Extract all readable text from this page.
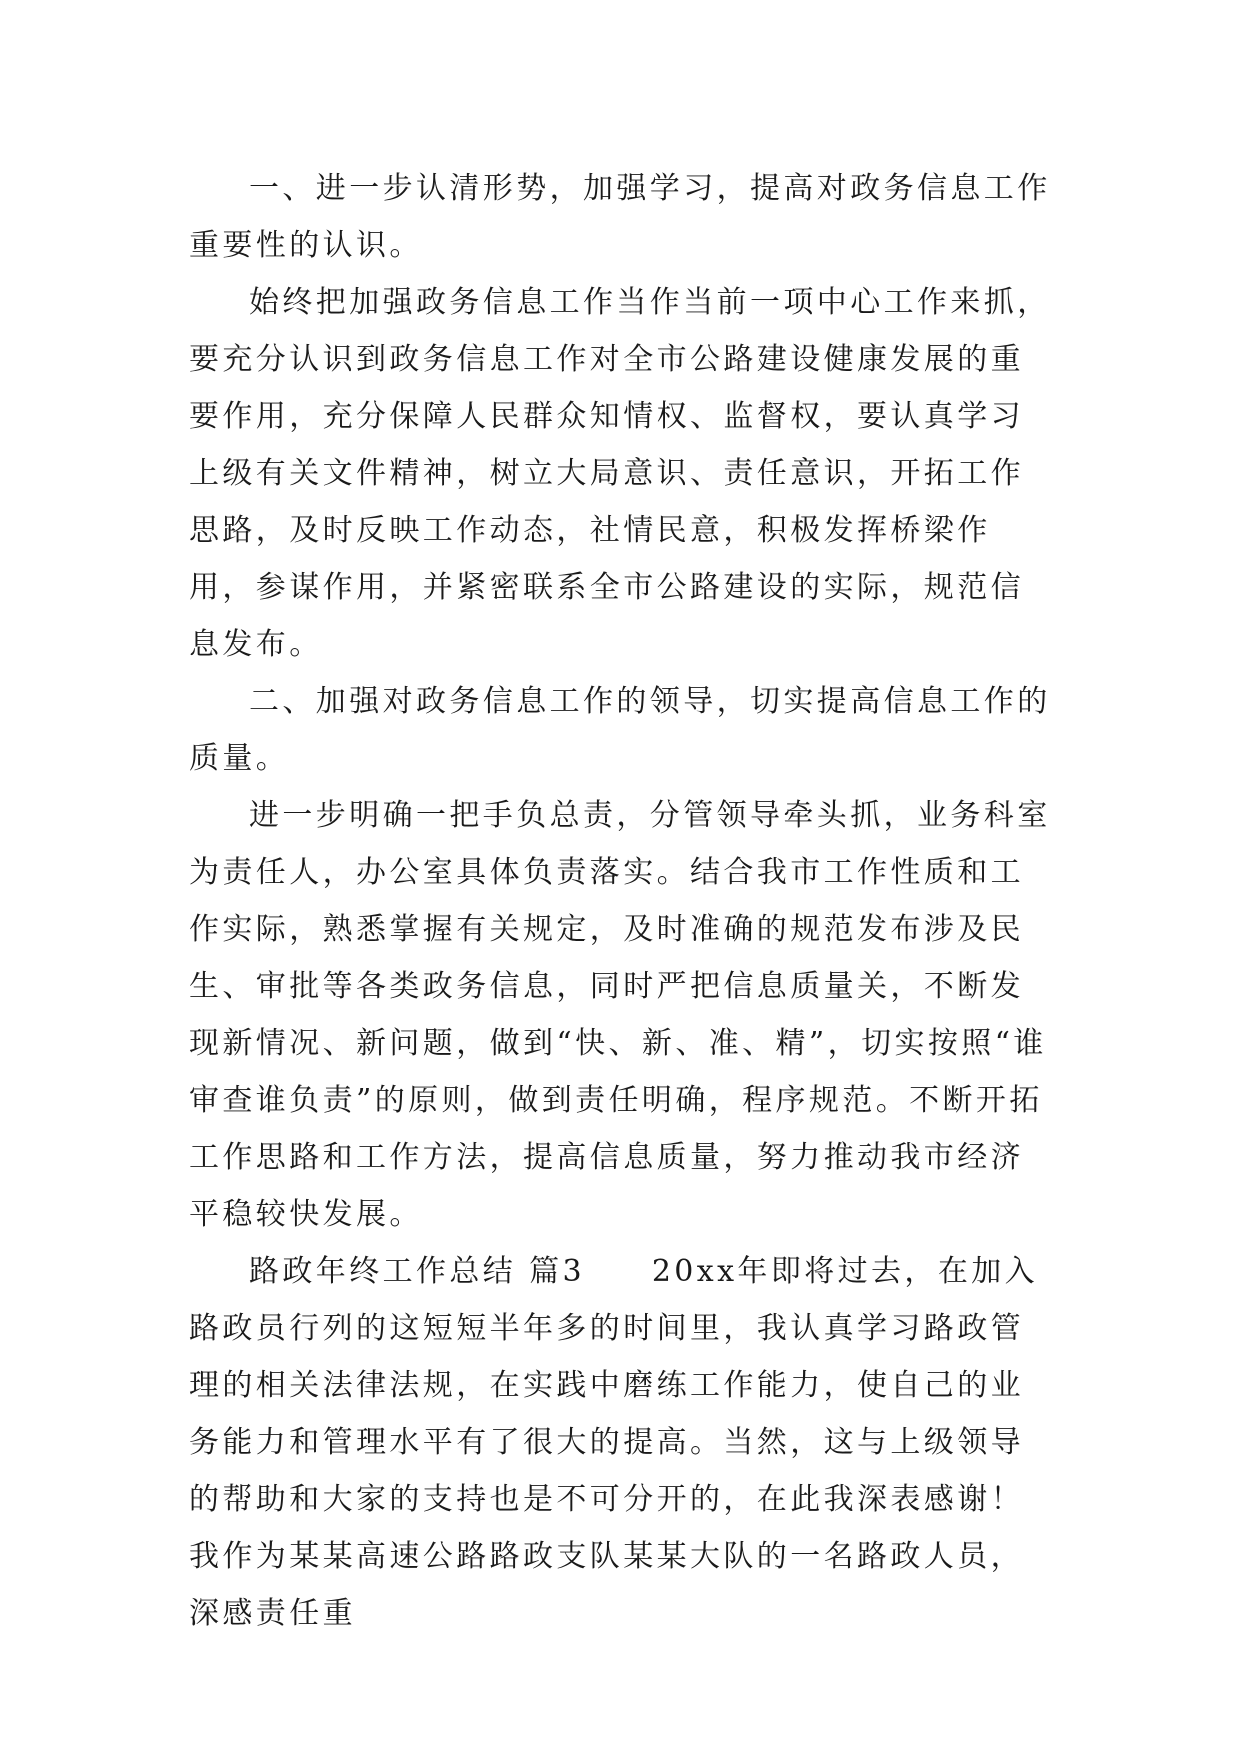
一、进一步认清形势，加强学习，提高对政务信息工作重要性的认识。

始终把加强政务信息工作当作当前一项中心工作来抓，要充分认识到政务信息工作对全市公路建设健康发展的重要作用，充分保障人民群众知情权、监督权，要认真学习上级有关文件精神，树立大局意识、责任意识，开拓工作思路，及时反映工作动态，社情民意，积极发挥桥梁作用，参谋作用，并紧密联系全市公路建设的实际，规范信息发布。

二、加强对政务信息工作的领导，切实提高信息工作的质量。

进一步明确一把手负总责，分管领导牵头抓，业务科室为责任人，办公室具体负责落实。结合我市工作性质和工作实际，熟悉掌握有关规定，及时准确的规范发布涉及民生、审批等各类政务信息，同时严把信息质量关，不断发现新情况、新问题，做到“快、新、准、精”，切实按照“谁审查谁负责”的原则，做到责任明确，程序规范。不断开拓工作思路和工作方法，提高信息质量，努力推动我市经济平稳较快发展。

路政年终工作总结 篇3　　20xx年即将过去，在加入路政员行列的这短短半年多的时间里，我认真学习路政管理的相关法律法规，在实践中磨练工作能力，使自己的业务能力和管理水平有了很大的提高。当然，这与上级领导的帮助和大家的支持也是不可分开的，在此我深表感谢！我作为某某高速公路路政支队某某大队的一名路政人员，深感责任重
